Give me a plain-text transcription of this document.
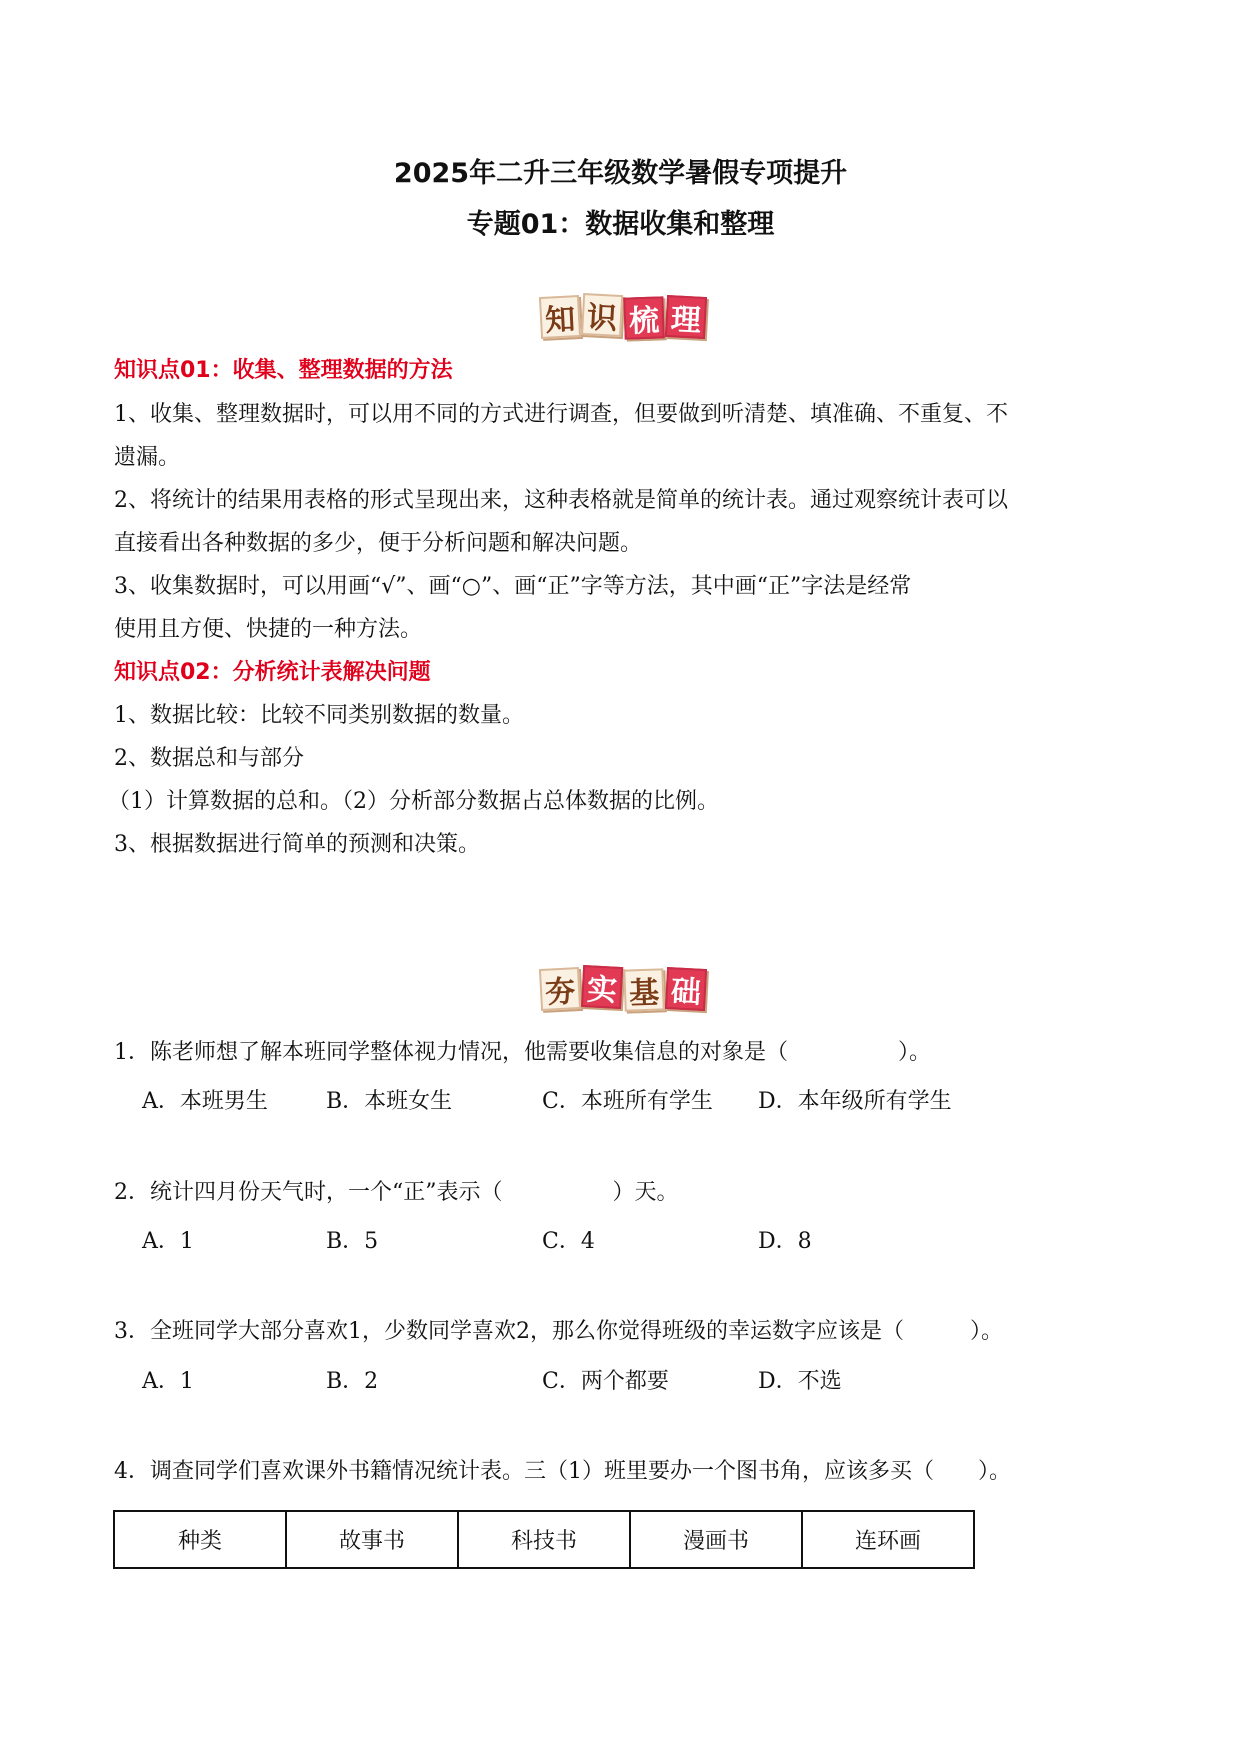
2025年二升三年级数学暑假专项提升
专题01：数据收集和整理
知 识 梳 理
知识点01：收集、整理数据的方法
1、收集、整理数据时，可以用不同的方式进行调查，但要做到听清楚、填准确、不重复、不
遗漏。
2、将统计的结果用表格的形式呈现出来，这种表格就是简单的统计表。通过观察统计表可以
直接看出各种数据的多少，便于分析问题和解决问题。
3、收集数据时，可以用画“√”、画“○”、画“正”字等方法，其中画“正”字法是经常
使用且方便、快捷的一种方法。
知识点02：分析统计表解决问题
1、数据比较：比较不同类别数据的数量。
2、数据总和与部分
（1）计算数据的总和。（2）分析部分数据占总体数据的比例。
3、根据数据进行简单的预测和决策。
夯 实 基 础
1．陈老师想了解本班同学整体视力情况，他需要收集信息的对象是（　　　　　）。
A．本班男生	B．本班女生	C．本班所有学生 D．本年级所有学生
2．统计四月份天气时，一个“正”表示（　　　　　）天。
A．1	B．5	C．4	D．8
3．全班同学大部分喜欢1，少数同学喜欢2，那么你觉得班级的幸运数字应该是（　　　）。
A．1	B．2	C．两个都要	D．不选
4．调查同学们喜欢课外书籍情况统计表。三（1）班里要办一个图书角，应该多买（　　）。
种类	故事书	科技书	漫画书	连环画
